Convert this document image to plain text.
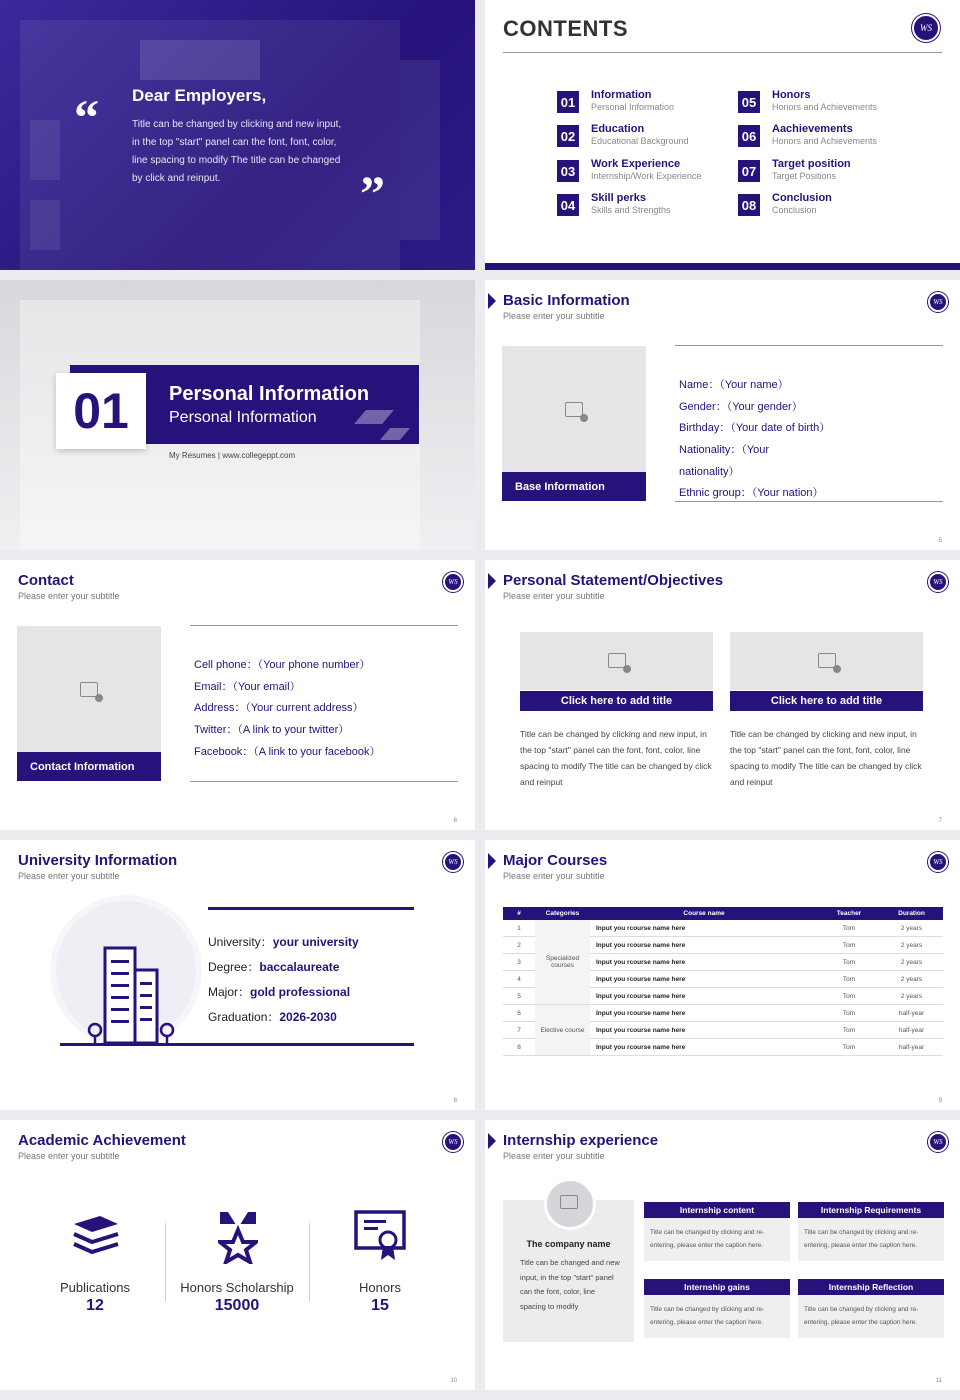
“ Dear Employers,

Title can be changed by clicking and new input, in the top "start" panel can the font, font, color, line spacing to modify The title can be changed by click and reinput.	”
CONTENTS	WS
01	Information
Personal Information
02	Education
Educational Background
03	Work Experience
Internship/Work Experience
04	Skill perks
Skills and Strengths
05	Honors
Honors and Achievements
06	Aachievements
Honors and Achievements
07	Target position
Target Positions
08	Conclusion
Conclusion
01	Personal Information
Personal Information
My Resumes | www.collegeppt.com
Basic Information
Please enter your subtitle
WS
Base Information
Name：（Your name）
Gender：（Your gender）
Birthday：（Your date of birth）
Nationality：（Your
nationality）
Ethnic group：（Your nation）
5
Contact
Please enter your subtitle
WS
Contact Information
Cell phone：（Your phone number）
Email：（Your email）
Address：（Your current address）
Twitter：（A link to your twitter）
Facebook：（A link to your facebook）
6
Personal Statement/Objectives
Please enter your subtitle
WS
Click here to add title
Title can be changed by clicking and new input, in the top "start" panel can the font, font, color, line spacing to modify The title can be changed by click and reinput
Click here to add title
Title can be changed by clicking and new input, in the top "start" panel can the font, font, color, line spacing to modify The title can be changed by click and reinput
7
University Information
Please enter your subtitle
WS
University：your university
Degree：baccalaureate
Major：gold professional
Graduation：2026-2030
8
Major Courses
Please enter your subtitle
WS
#	Categories	Course name	Teacher	Duration
1	Specialized courses	Input you rcourse name here	Tom	2 years
2		Input you rcourse name here	Tom	2 years
3		Input you rcourse name here	Tom	2 years
4		Input you rcourse name here	Tom	2 years
5		Input you rcourse name here	Tom	2 years
6	Elective course	Input you rcourse name here	Tom	half-year
7		Input you rcourse name here	Tom	half-year
8		Input you rcourse name here	Tom	half-year
9
Academic Achievement
Please enter your subtitle
WS
Publications
12
Honors Scholarship
15000
Honors
15
10
Internship experience
Please enter your subtitle
WS
The company name
Title can be changed and new input, in the top "start" panel can the font, color, line spacing to modify
Internship content
Title can be changed by clicking and re-entering, please enter the caption here.
Internship Requirements
Title can be changed by clicking and re-entering, please enter the caption here.
Internship gains
Title can be changed by clicking and re-entering, please enter the caption here.
Internship Reflection
Title can be changed by clicking and re-entering, please enter the caption here.
11
